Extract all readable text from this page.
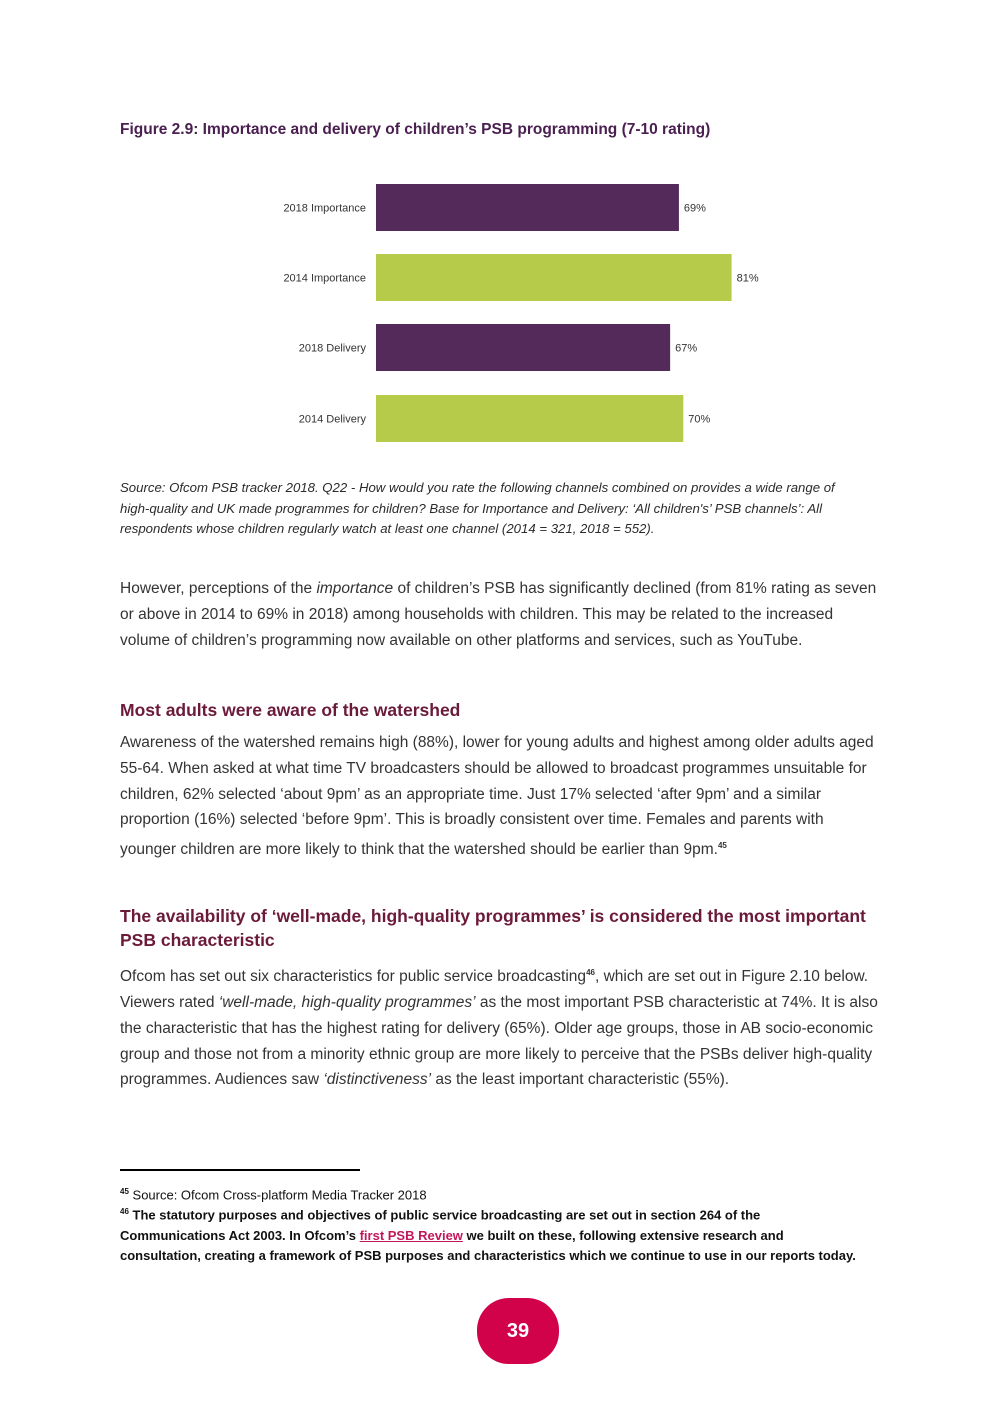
Figure 2.9: Importance and delivery of children’s PSB programming (7-10 rating)
2018 Importance	69%
2014 Importance	81%
2018 Delivery	67%
2014 Delivery	70%
Source: Ofcom PSB tracker 2018. Q22 - How would you rate the following channels combined on provides a wide range of high-quality and UK made programmes for children? Base for Importance and Delivery: ‘All children's’ PSB channels’: All respondents whose children regularly watch at least one channel (2014 = 321, 2018 = 552).
However, perceptions of the importance of children’s PSB has significantly declined (from 81% rating as seven or above in 2014 to 69% in 2018) among households with children. This may be related to the increased volume of children’s programming now available on other platforms and services, such as YouTube.
Most adults were aware of the watershed
Awareness of the watershed remains high (88%), lower for young adults and highest among older adults aged 55-64. When asked at what time TV broadcasters should be allowed to broadcast programmes unsuitable for children, 62% selected ‘about 9pm’ as an appropriate time. Just 17% selected ‘after 9pm’ and a similar proportion (16%) selected ‘before 9pm’. This is broadly consistent over time. Females and parents with younger children are more likely to think that the watershed should be earlier than 9pm.$^{45}$
The availability of ‘well-made, high-quality programmes’ is considered the most important PSB characteristic
Ofcom has set out six characteristics for public service broadcasting$^{46}$, which are set out in Figure 2.10 below. Viewers rated ‘well-made, high-quality programmes’ as the most important PSB characteristic at 74%. It is also the characteristic that has the highest rating for delivery (65%). Older age groups, those in AB socio-economic group and those not from a minority ethnic group are more likely to perceive that the PSBs deliver high-quality programmes. Audiences saw ‘distinctiveness’ as the least important characteristic (55%).
$^{45}$ Source: Ofcom Cross-platform Media Tracker 2018
$^{46}$ The statutory purposes and objectives of public service broadcasting are set out in section 264 of the Communications Act 2003. In Ofcom’s first PSB Review we built on these, following extensive research and consultation, creating a framework of PSB purposes and characteristics which we continue to use in our reports today.
39
